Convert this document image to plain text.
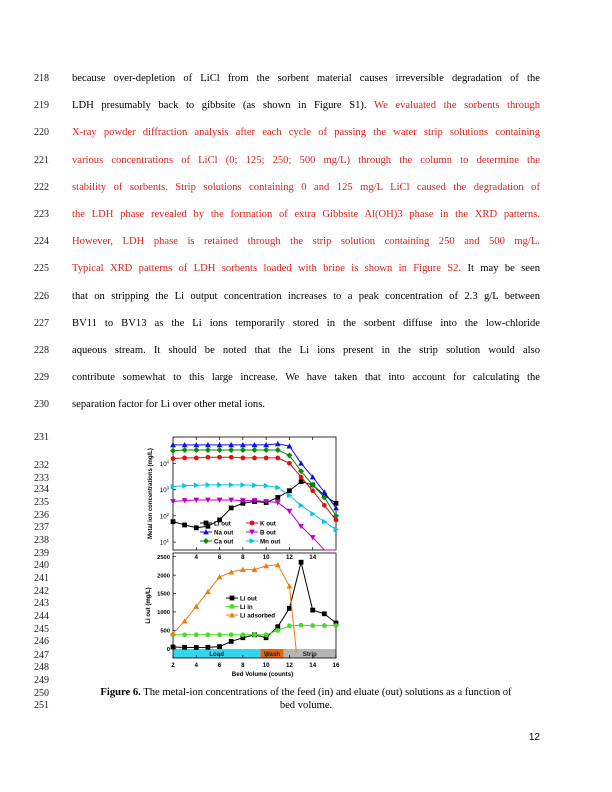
218 because over-depletion of LiCl from the sorbent material causes irreversible degradation of the
219 LDH presumably back to gibbsite (as shown in Figure S1). We evaluated the sorbents through
220 X-ray powder diffraction analysis after each cycle of passing the water strip solutions containing
221 various concentrations of LiCl (0; 125; 250; 500 mg/L) through the column to determine the
222 stability of sorbents. Strip solutions containing 0 and 125 mg/L LiCl caused the degradation of
223 the LDH phase revealed by the formation of extra Gibbsite Al(OH)3 phase in the XRD patterns.
224 However, LDH phase is retained through the strip solution containing 250 and 500 mg/L.
225 Typical XRD patterns of LDH sorbents loaded with brine is shown in Figure S2. It may be seen
226 that on stripping the Li output concentration increases to a peak concentration of 2.3 g/L between
227 BV11 to BV13 as the Li ions temporarily stored in the sorbent diffuse into the low-chloride
228 aqueous stream. It should be noted that the Li ions present in the strip solution would also
229 contribute somewhat to this large increase. We have taken that into account for calculating the
230 separation factor for Li over other metal ions.
$10^4$
$10^3$
$10^2$
$10^1$
Metal ion concentrations (mg/L)	Li out	K out
Na out	B out
Ca out	Mn out
Load	Wash	Strip
0
500
1000
1500
2000
2500
2	4
4
6
6
8
8
10
10
12
12
14
14
16
Bed Volume (counts)
Li out (mg/L)	Li out
Li in
Li adsorbed
231
232
233
234
235
236
237
238
239
240
241
242
243
244
245
246
247
248
249
250
251
Figure 6. The metal-ion concentrations of the feed (in) and eluate (out) solutions as a function of
bed volume.
12
